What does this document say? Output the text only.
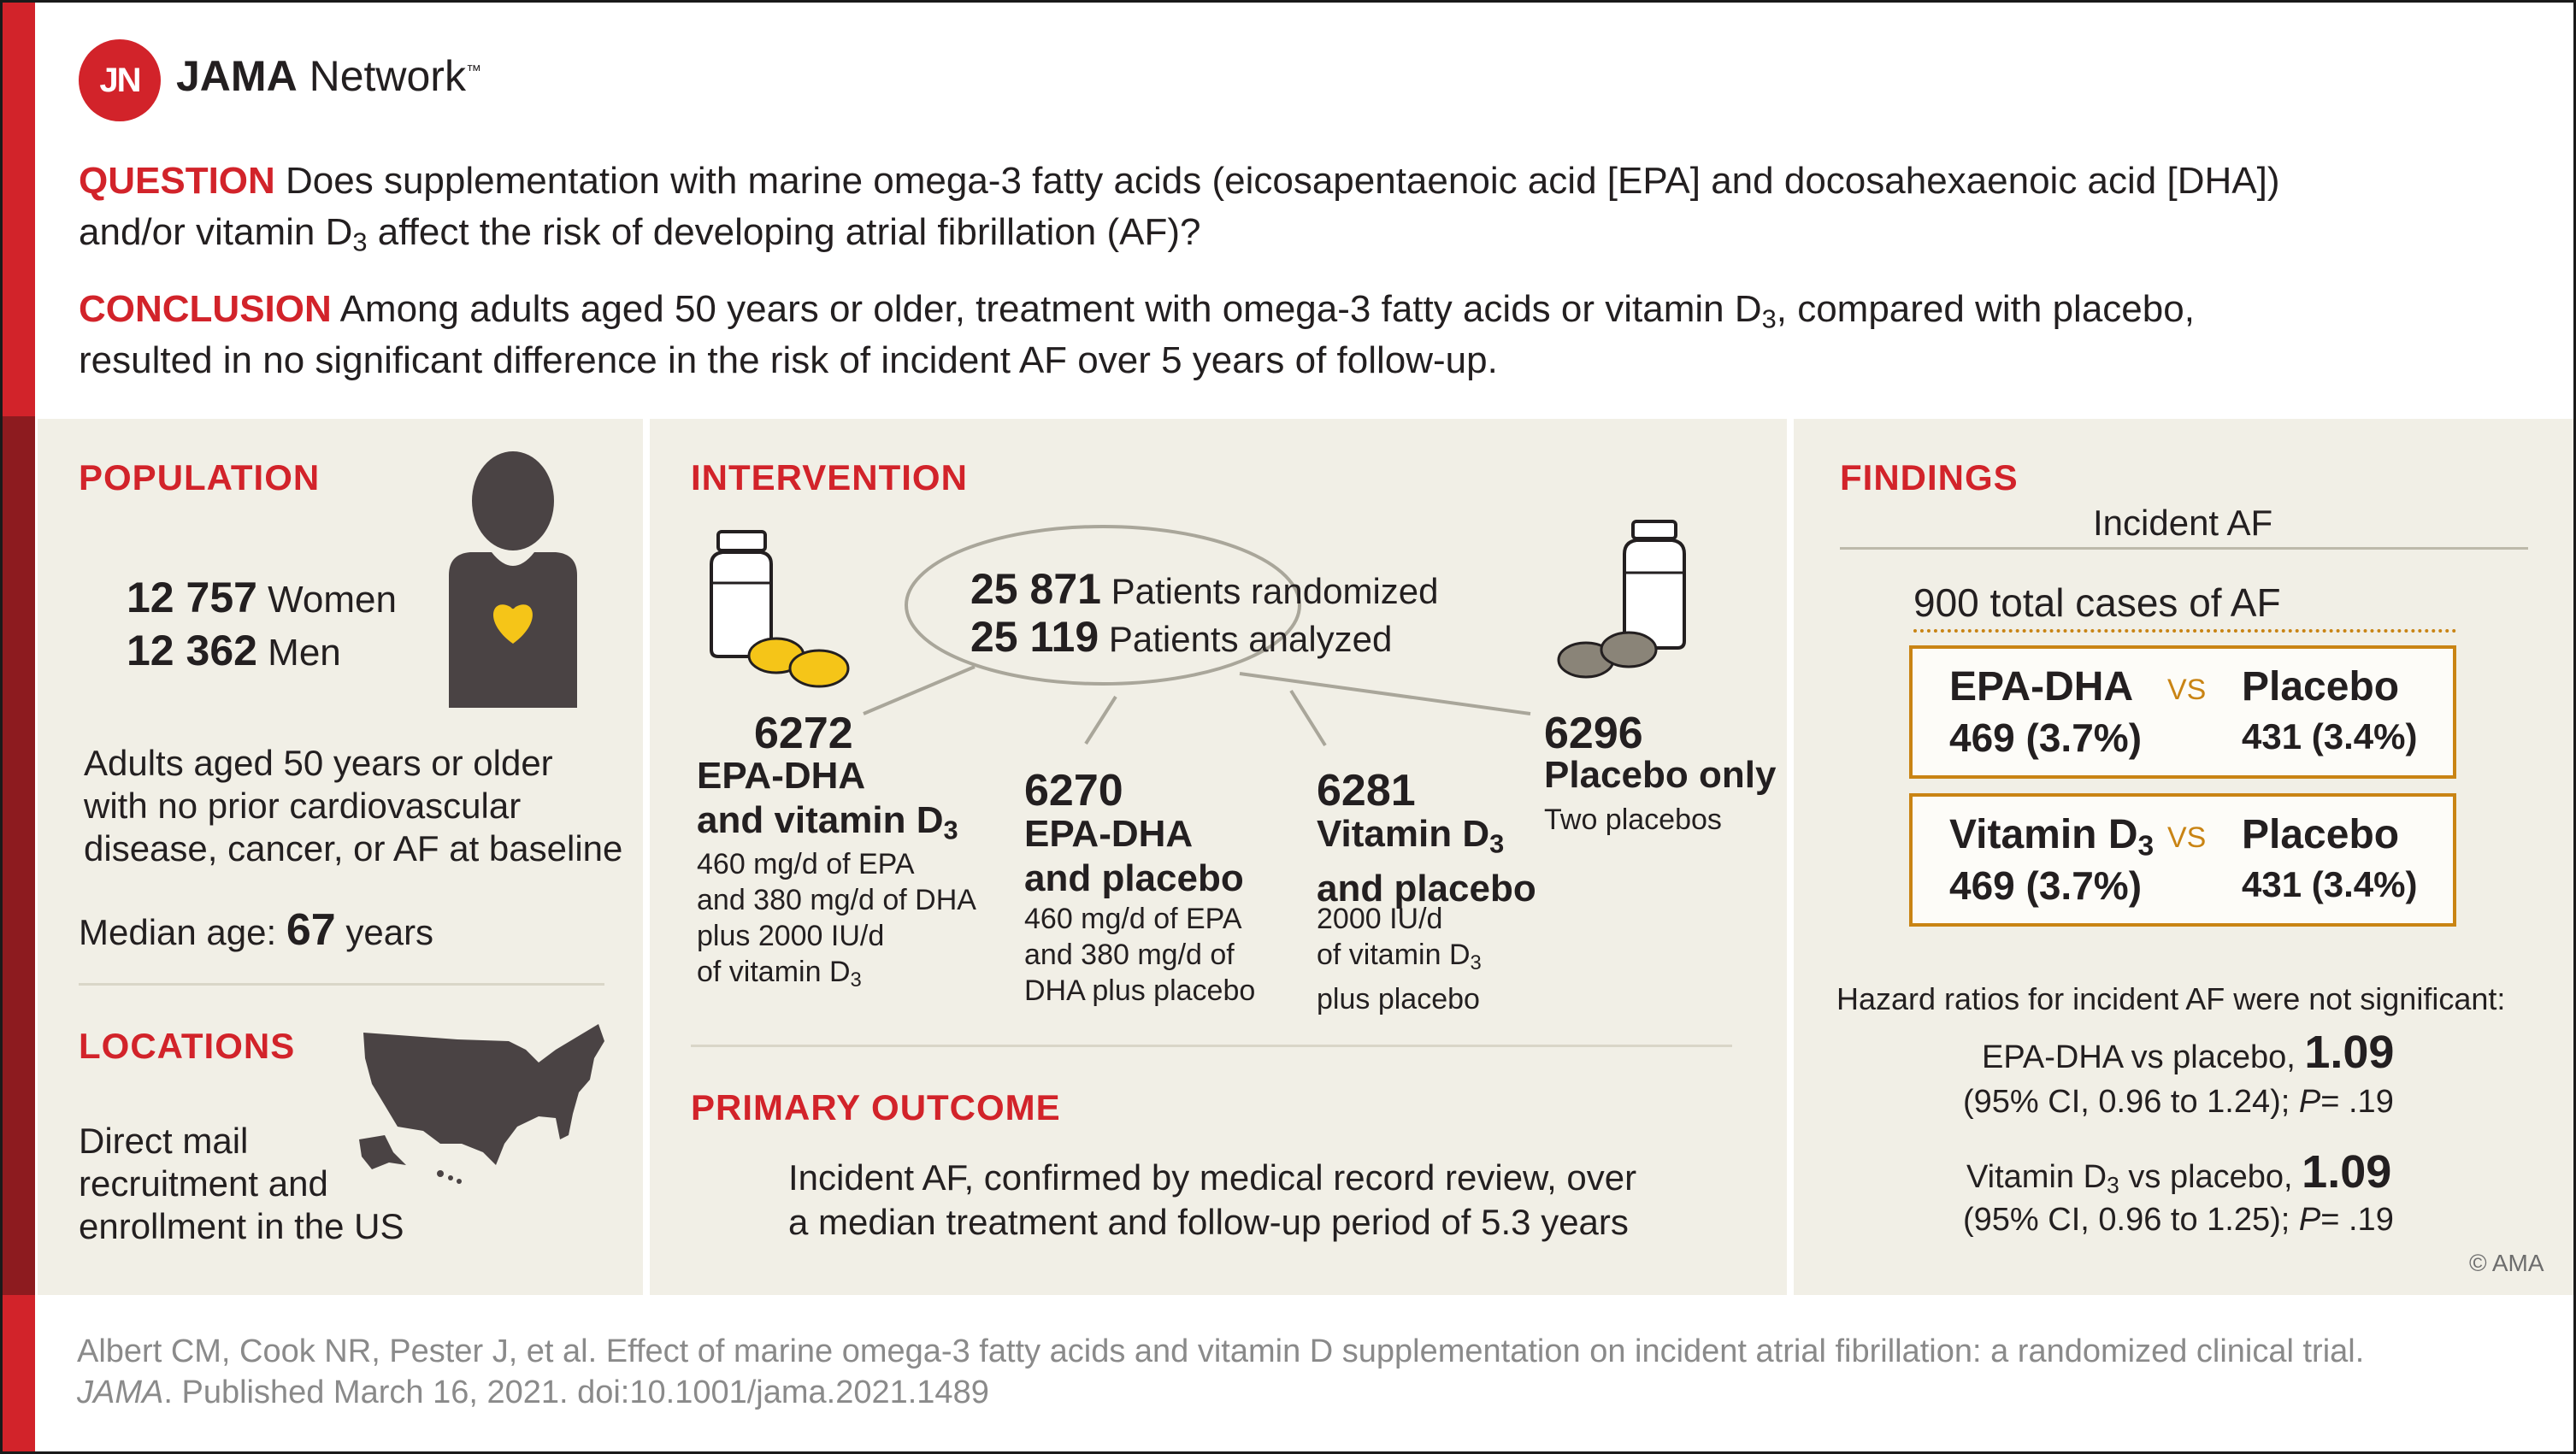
JN JAMA Network™
QUESTION Does supplementation with marine omega-3 fatty acids (eicosapentaenoic acid [EPA] and docosahexaenoic acid [DHA])
and/or vitamin $D_3$ affect the risk of developing atrial fibrillation (AF)?
CONCLUSION Among adults aged 50 years or older, treatment with omega-3 fatty acids or vitamin $D_3$, compared with placebo,
resulted in no significant difference in the risk of incident AF over 5 years of follow-up.
POPULATION
12 757 Women
12 362 Men
Adults aged 50 years or older
with no prior cardiovascular
disease, cancer, or AF at baseline
Median age: 67 years
LOCATIONS
Direct mail
recruitment and
enrollment in the US
INTERVENTION
25 871 Patients randomized
25 119 Patients analyzed
6272
EPA-DHA
and vitamin $D_3$
460 mg/d of EPA
and 380 mg/d of DHA
plus 2000 IU/d
of vitamin $D_3$
6270
EPA-DHA
and placebo
460 mg/d of EPA
and 380 mg/d of
DHA plus placebo
6281
Vitamin $D_3$
and placebo
2000 IU/d
of vitamin $D_3$
plus placebo
6296
Placebo only
Two placebos
PRIMARY OUTCOME
Incident AF, confirmed by medical record review, over
a median treatment and follow-up period of 5.3 years
FINDINGS
Incident AF
900 total cases of AF
EPA-DHA VS Placebo
469 (3.7%)	431 (3.4%)
Vitamin $D_3$ VS Placebo
469 (3.7%)	431 (3.4%)
Hazard ratios for incident AF were not significant:
EPA-DHA vs placebo, 1.09
(95% CI, 0.96 to 1.24); P= .19
Vitamin $D_3$ vs placebo, 1.09
(95% CI, 0.96 to 1.25); P= .19
© AMA
Albert CM, Cook NR, Pester J, et al. Effect of marine omega-3 fatty acids and vitamin D supplementation on incident atrial fibrillation: a randomized clinical trial.
JAMA. Published March 16, 2021. doi:10.1001/jama.2021.1489
